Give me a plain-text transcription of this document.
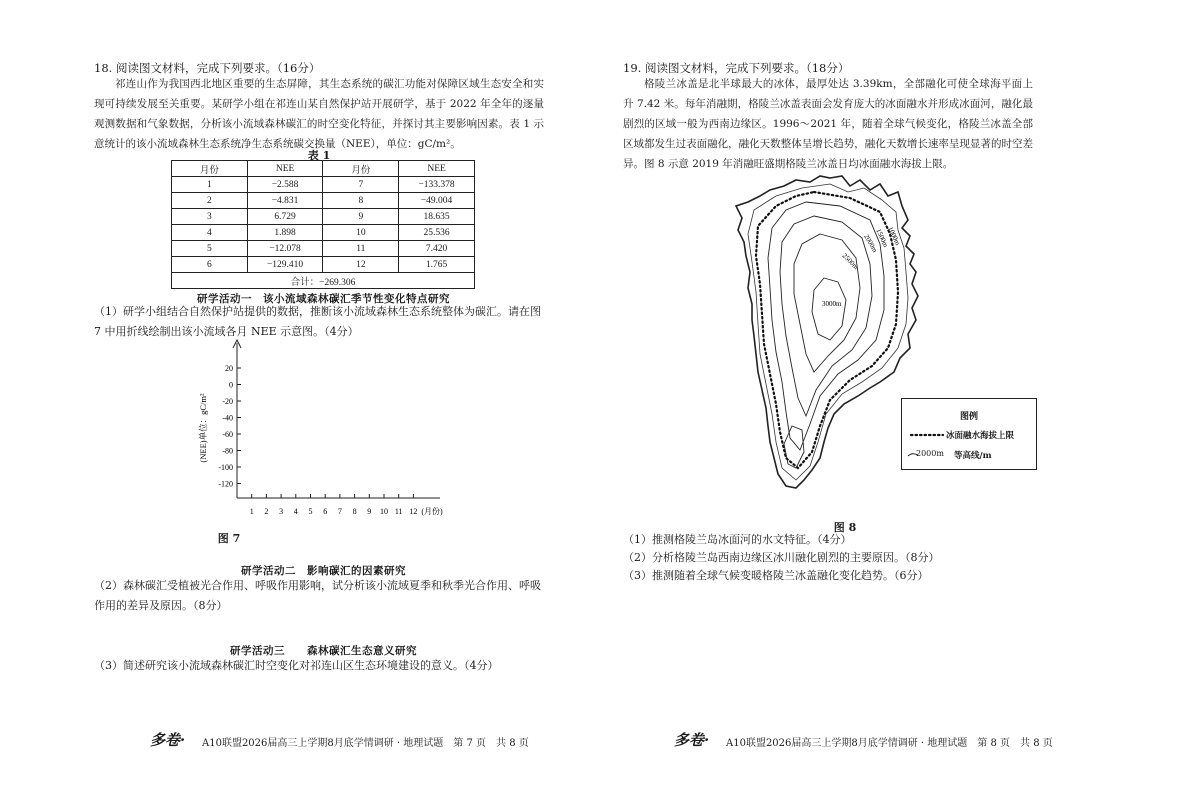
18. 阅读图文材料，完成下列要求。（16分）

祁连山作为我国西北地区重要的生态屏障，其生态系统的碳汇功能对保障区域生态安全和实现可持续发展至关重要。某研学小组在祁连山某自然保护站开展研学，基于 2022 年全年的逐量观测数据和气象数据，分析该小流域森林碳汇的时空变化特征，并探讨其主要影响因素。表 1 示意统计的该小流域森林生态系统净生态系统碳交换量（NEE），单位：gC/m²。

表 1
月份	NEE	月份	NEE
1	−2.588	7	−133.378
2	−4.831	8	−49.004
3	6.729	9	18.635
4	1.898	10	25.536
5	−12.078	11	7.420
6	−129.410	12	1.765
合计：−269.306			
研学活动一　该小流域森林碳汇季节性变化特点研究
（1）研学小组结合自然保护站提供的数据，推断该小流域森林生态系统整体为碳汇。请在图 7 中用折线绘制出该小流域各月 NEE 示意图。（4分）
20
0
-20
-40
-60
-80
-100
-120
1 2 3 4 5 6 7 8 9 10 11 12 (月份)
(NEE)单位：gC/m²
图 7
研学活动二　影响碳汇的因素研究
（2）森林碳汇受植被光合作用、呼吸作用影响，试分析该小流域夏季和秋季光合作用、呼吸作用的差异及原因。（8分）
研学活动三　　森林碳汇生态意义研究
（3）简述研究该小流域森林碳汇时空变化对祁连山区生态环境建设的意义。（4分）
多卷· A10联盟2026届高三上学期8月底学情调研 · 地理试题　第 7 页　共 8 页
19. 阅读图文材料，完成下列要求。（18分）

格陵兰冰盖是北半球最大的冰体，最厚处达 3.39km，全部融化可使全球海平面上升 7.42 米。每年消融期，格陵兰冰盖表面会发育庞大的冰面融水并形成冰面河，融化最剧烈的区域一般为西南边缘区。1996～2021 年，随着全球气候变化，格陵兰冰盖全部区域都发生过表面融化，融化天数整体呈增长趋势，融化天数增长速率呈现显著的时空差异。图 8 示意 2019 年消融旺盛期格陵兰冰盖日均冰面融水海拔上限。

1000m
1500m
2000m
2500m
3000m
图例
冰面融水海拔上限
2000m 等高线/m
图 8
（1）推测格陵兰岛冰面河的水文特征。（4分）
（2）分析格陵兰岛西南边缘区冰川融化剧烈的主要原因。（8分）
（3）推测随着全球气候变暖格陵兰冰盖融化变化趋势。（6分）
多卷· A10联盟2026届高三上学期8月底学情调研 · 地理试题　第 8 页　共 8 页
